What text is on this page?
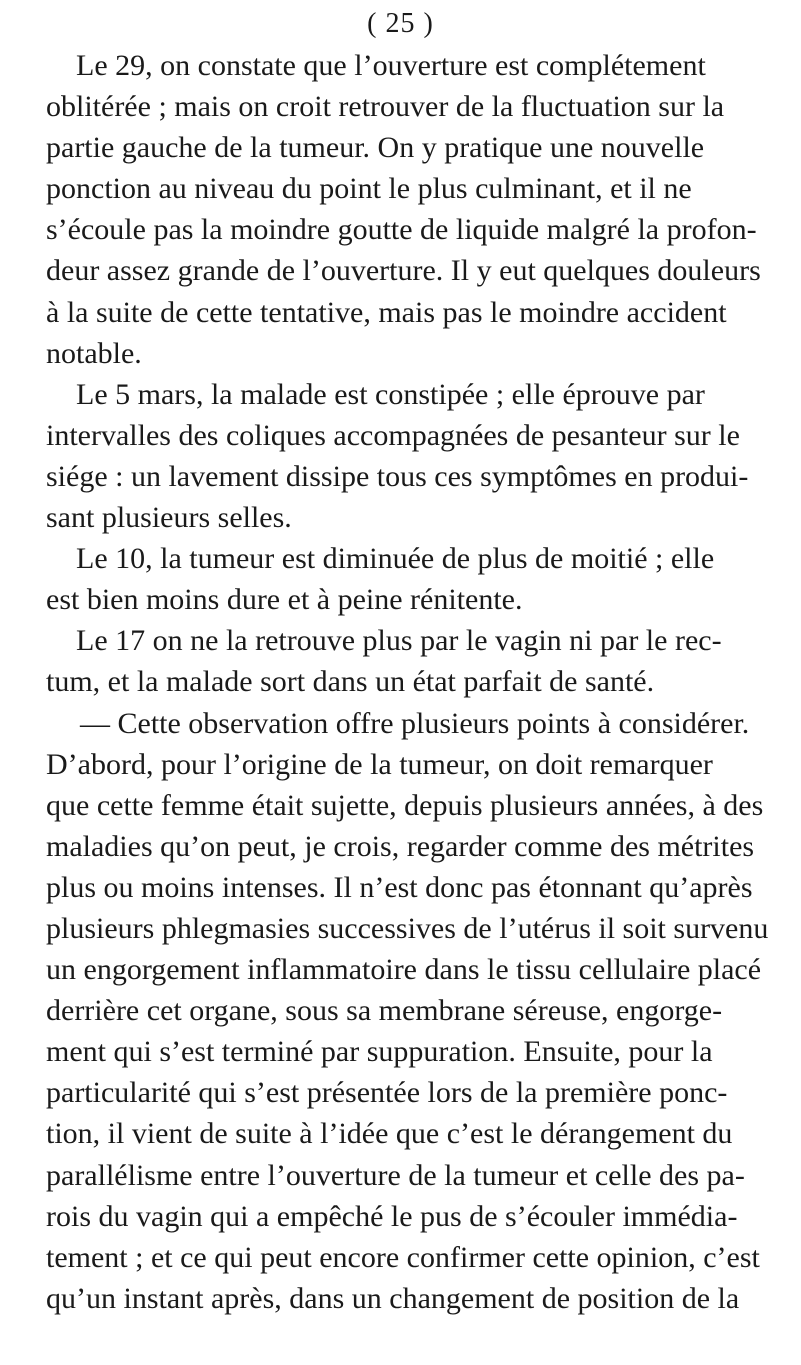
( 25 )
Le 29, on constate que l’ouverture est complétement
oblitérée ; mais on croit retrouver de la fluctuation sur la
partie gauche de la tumeur. On y pratique une nouvelle
ponction au niveau du point le plus culminant, et il ne
s’écoule pas la moindre goutte de liquide malgré la profon-
deur assez grande de l’ouverture. Il y eut quelques douleurs
à la suite de cette tentative, mais pas le moindre accident
notable.
Le 5 mars, la malade est constipée ; elle éprouve par
intervalles des coliques accompagnées de pesanteur sur le
siége : un lavement dissipe tous ces symptômes en produi-
sant plusieurs selles.
Le 10, la tumeur est diminuée de plus de moitié ; elle
est bien moins dure et à peine rénitente.
Le 17 on ne la retrouve plus par le vagin ni par le rec-
tum, et la malade sort dans un état parfait de santé.
— Cette observation offre plusieurs points à considérer.
D’abord, pour l’origine de la tumeur, on doit remarquer
que cette femme était sujette, depuis plusieurs années, à des
maladies qu’on peut, je crois, regarder comme des métrites
plus ou moins intenses. Il n’est donc pas étonnant qu’après
plusieurs phlegmasies successives de l’utérus il soit survenu
un engorgement inflammatoire dans le tissu cellulaire placé
derrière cet organe, sous sa membrane séreuse, engorge-
ment qui s’est terminé par suppuration. Ensuite, pour la
particularité qui s’est présentée lors de la première ponc-
tion, il vient de suite à l’idée que c’est le dérangement du
parallélisme entre l’ouverture de la tumeur et celle des pa-
rois du vagin qui a empêché le pus de s’écouler immédia-
tement ; et ce qui peut encore confirmer cette opinion, c’est
qu’un instant après, dans un changement de position de la
